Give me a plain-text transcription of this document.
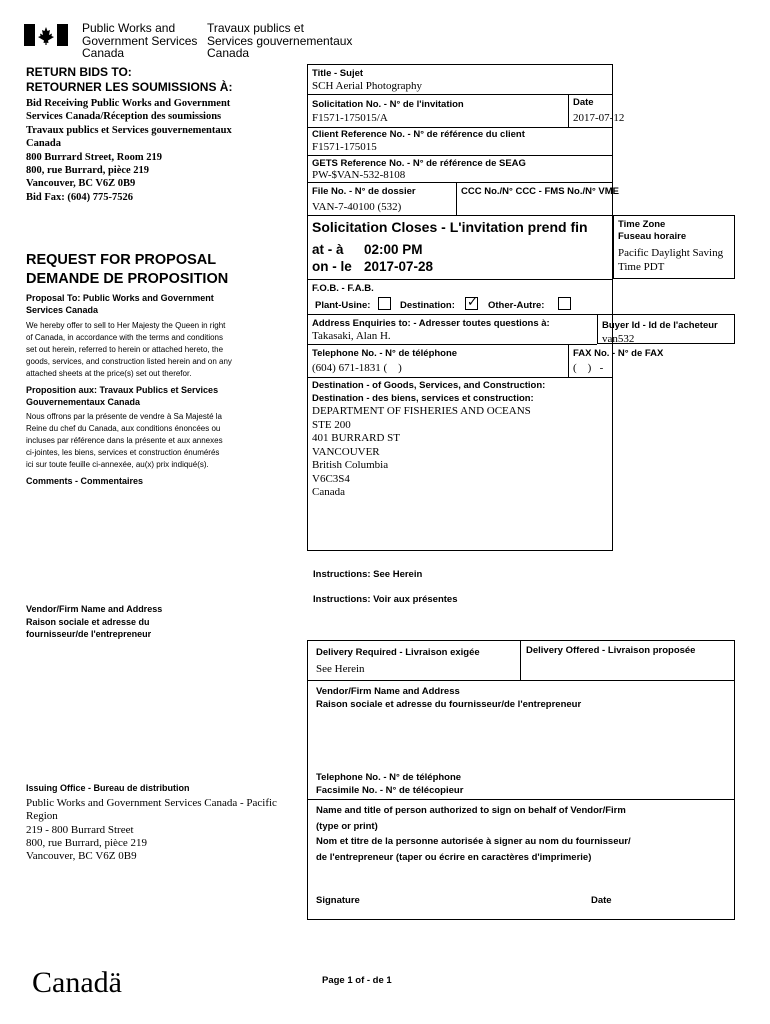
Public Works and
Government Services
Canada
Travaux publics et
Services gouvernementaux
Canada
RETURN BIDS TO:
RETOURNER LES SOUMISSIONS À:
Bid Receiving Public Works and Government
Services Canada/Réception des soumissions
Travaux publics et Services gouvernementaux
Canada
800 Burrard Street, Room 219
800, rue Burrard, pièce 219
Vancouver, BC V6Z 0B9
Bid Fax: (604) 775-7526
REQUEST FOR PROPOSAL
DEMANDE DE PROPOSITION
Proposal To: Public Works and Government
Services Canada
We hereby offer to sell to Her Majesty the Queen in right
of Canada, in accordance with the terms and conditions
set out herein, referred to herein or attached hereto, the
goods, services, and construction listed herein and on any
attached sheets at the price(s) set out therefor.
Proposition aux: Travaux Publics et Services
Gouvernementaux Canada
Nous offrons par la présente de vendre à Sa Majesté la
Reine du chef du Canada, aux conditions énoncées ou
incluses par référence dans la présente et aux annexes
ci-jointes, les biens, services et construction énumérés
ici sur toute feuille ci-annexée, au(x) prix indiqué(s).
Comments - Commentaires
Vendor/Firm Name and Address
Raison sociale et adresse du
fournisseur/de l'entrepreneur
Issuing Office - Bureau de distribution
Public Works and Government Services Canada - Pacific
Region
219 - 800 Burrard Street
800, rue Burrard, pièce 219
Vancouver, BC V6Z 0B9
Title - Sujet
SCH Aerial Photography
Solicitation No. - N° de l'invitation
F1571-175015/A
Date
2017-07-12
Client Reference No. - N° de référence du client
F1571-175015
GETS Reference No. - N° de référence de SEAG
PW-$VAN-532-8108
File No. - N° de dossier
VAN-7-40100 (532)
CCC No./N° CCC - FMS No./N° VME
Solicitation Closes - L'invitation prend fin
at - à 02:00 PM
on - le 2017-07-28
Time Zone
Fuseau horaire
Pacific Daylight Saving
Time PDT
F.O.B. - F.A.B.
Plant-Usine:	Destination: ✓ Other-Autre:
Address Enquiries to: - Adresser toutes questions à:
Takasaki, Alan H.
Buyer Id - Id de l'acheteur
van532
Telephone No. - N° de téléphone
(604) 671-1831 (    )
FAX No. - N° de FAX
(    )   -
Destination - of Goods, Services, and Construction:
Destination - des biens, services et construction:
DEPARTMENT OF FISHERIES AND OCEANS
STE 200
401 BURRARD ST
VANCOUVER
British Columbia
V6C3S4
Canada
Instructions: See Herein
Instructions: Voir aux présentes
Delivery Required - Livraison exigée
See Herein
Delivery Offered - Livraison proposée
Vendor/Firm Name and Address
Raison sociale et adresse du fournisseur/de l'entrepreneur
Telephone No. - N° de téléphone
Facsimile No. - N° de télécopieur
Name and title of person authorized to sign on behalf of Vendor/Firm
(type or print)
Nom et titre de la personne autorisée à signer au nom du fournisseur/
de l'entrepreneur (taper ou écrire en caractères d'imprimerie)
Signature	Date
Canadä	Page 1 of - de 1
